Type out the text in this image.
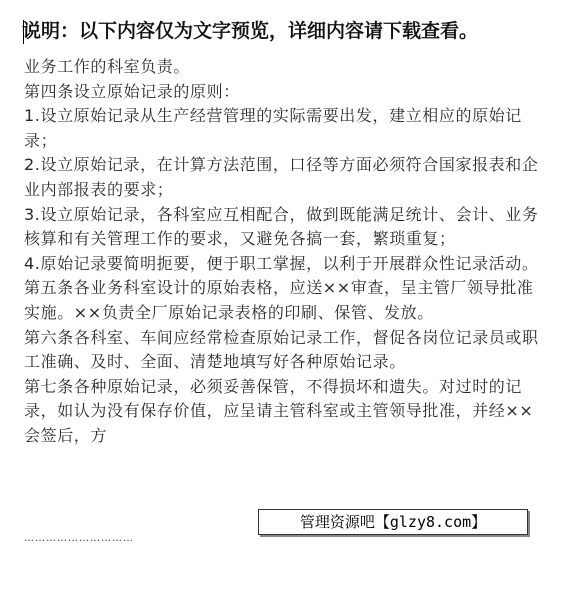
说明：以下内容仅为文字预览，详细内容请下载查看。

业务工作的科室负责。

第四条设立原始记录的原则：

1.设立原始记录从生产经营管理的实际需要出发，建立相应的原始记录；

2.设立原始记录，在计算方法范围，口径等方面必须符合国家报表和企业内部报表的要求；

3.设立原始记录，各科室应互相配合，做到既能满足统计、会计、业务核算和有关管理工作的要求，又避免各搞一套，繁琐重复；

4.原始记录要简明扼要，便于职工掌握，以利于开展群众性记录活动。

第五条各业务科室设计的原始表格，应送××审查，呈主管厂领导批准实施。××负责全厂原始记录表格的印刷、保管、发放。

第六条各科室、车间应经常检查原始记录工作，督促各岗位记录员或职工准确、及时、全面、清楚地填写好各种原始记录。

第七条各种原始记录，必须妥善保管，不得损坏和遗失。对过时的记录，如认为没有保存价值，应呈请主管科室或主管领导批准，并经××会签后，方

管理资源吧【glzy8.com】
…………………………
